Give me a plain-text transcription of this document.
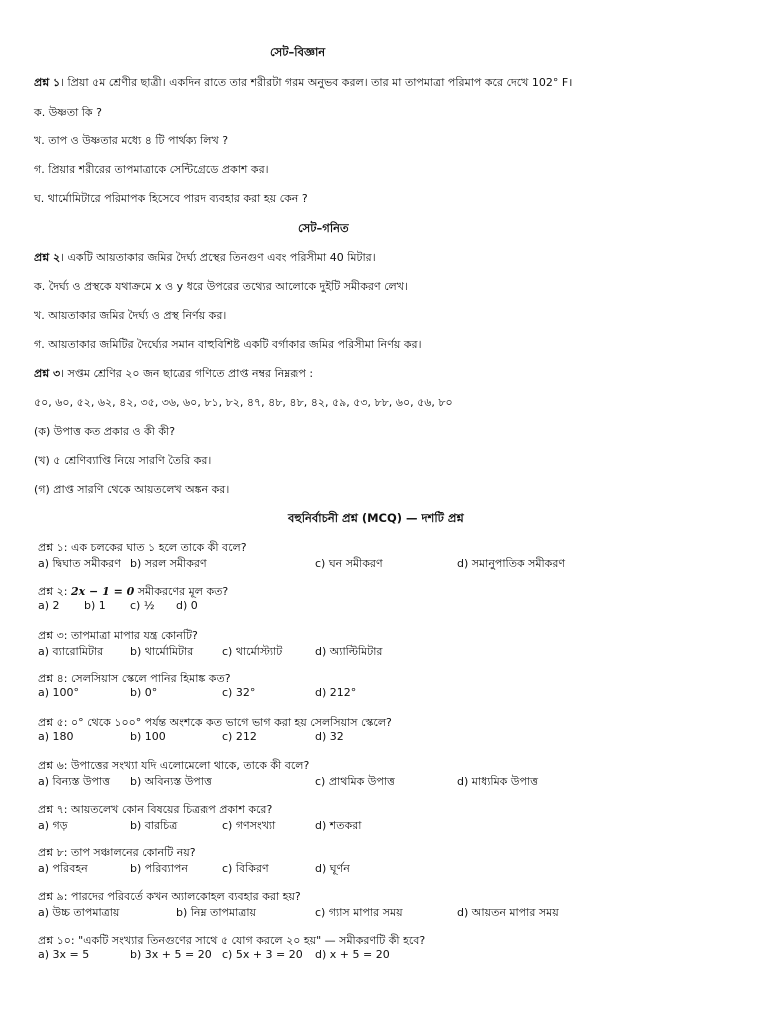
সেট–বিজ্ঞান
প্রশ্ন ১। প্রিয়া ৫ম শ্রেণীর ছাত্রী। একদিন রাতে তার শরীরটা গরম অনুভব করল। তার মা তাপমাত্রা পরিমাপ করে দেখে 102° F।
ক. উষ্ণতা কি ?
খ. তাপ ও উষ্ণতার মধ্যে ৪ টি পার্থক্য লিখ ?
গ. প্রিয়ার শরীরের তাপমাত্রাকে সেন্টিগ্রেডে প্রকাশ কর।
ঘ. থার্মোমিটারে পরিমাপক হিসেবে পারদ ব্যবহার করা হয় কেন ?
সেট–গনিত
প্রশ্ন ২। একটি আয়তাকার জমির দৈর্ঘ্য প্রস্থের তিনগুণ এবং পরিসীমা 40 মিটার।
ক. দৈর্ঘ্য ও প্রস্থকে যথাক্রমে x ও y ধরে উপরের তথ্যের আলোকে দুইটি সমীকরণ লেখ।
খ. আয়তাকার জমির দৈর্ঘ্য ও প্রস্থ নির্ণয় কর।
গ. আয়তাকার জমিটির দৈর্ঘ্যের সমান বাহুবিশিষ্ট একটি বর্গাকার জমির পরিসীমা নির্ণয় কর।
প্রশ্ন ৩। সপ্তম শ্রেণির ২০ জন ছাত্রের গণিতে প্রাপ্ত নম্বর নিম্নরূপ :
৫০, ৬০, ৫২, ৬২, ৪২, ৩৫, ৩৬, ৬০, ৮১, ৮২, ৪৭, ৪৮, ৪৮, ৪২, ৫৯, ৫৩, ৮৮, ৬০, ৫৬, ৮০
(ক) উপাত্ত কত প্রকার ও কী কী?
(খ) ৫ শ্রেণিব্যাপ্তি নিয়ে সারণি তৈরি কর।
(গ) প্রাপ্ত সারণি থেকে আয়তলেখ অঙ্কন কর।
বহুনির্বাচনী প্রশ্ন (MCQ) — দশটি প্রশ্ন
প্রশ্ন ১: এক চলকের ঘাত ১ হলে তাকে কী বলে?
a) দ্বিঘাত সমীকরণ b) সরল সমীকরণ	c) ঘন সমীকরণ	d) সমানুপাতিক সমীকরণ
প্রশ্ন ২: 2x − 1 = 0 সমীকরণের মূল কত?
a) 2 b) 1 c) ½ d) 0
প্রশ্ন ৩: তাপমাত্রা মাপার যন্ত্র কোনটি?
a) ব্যারোমিটার b) থার্মোমিটার	c) থার্মোস্ট্যাট	d) অ্যাল্টিমিটার
প্রশ্ন ৪: সেলসিয়াস স্কেলে পানির হিমাঙ্ক কত?
a) 100°	b) 0°	c) 32°	d) 212°
প্রশ্ন ৫: ০° থেকে ১০০° পর্যন্ত অংশকে কত ভাগে ভাগ করা হয় সেলসিয়াস স্কেলে?
a) 180	b) 100	c) 212	d) 32
প্রশ্ন ৬: উপাত্তের সংখ্যা যদি এলোমেলো থাকে, তাকে কী বলে?
a) বিন্যস্ত উপাত্ত b) অবিন্যস্ত উপাত্ত	c) প্রাথমিক উপাত্ত	d) মাধ্যমিক উপাত্ত
প্রশ্ন ৭: আয়তলেখ কোন বিষয়ের চিত্ররূপ প্রকাশ করে?
a) গড়	b) বারচিত্র	c) গণসংখ্যা	d) শতকরা
প্রশ্ন ৮: তাপ সঞ্চালনের কোনটি নয়?
a) পরিবহন	b) পরিব্যাপন	c) বিকিরণ	d) ঘূর্ণন
প্রশ্ন ৯: পারদের পরিবর্তে কখন অ্যালকোহল ব্যবহার করা হয়?
a) উচ্চ তাপমাত্রায়	b) নিম্ন তাপমাত্রায়	c) গ্যাস মাপার সময়	d) আয়তন মাপার সময়
প্রশ্ন ১০: "একটি সংখ্যার তিনগুণের সাথে ৫ যোগ করলে ২০ হয়" — সমীকরণটি কী হবে?
a) 3x = 5	b) 3x + 5 = 20 c) 5x + 3 = 20 d) x + 5 = 20
